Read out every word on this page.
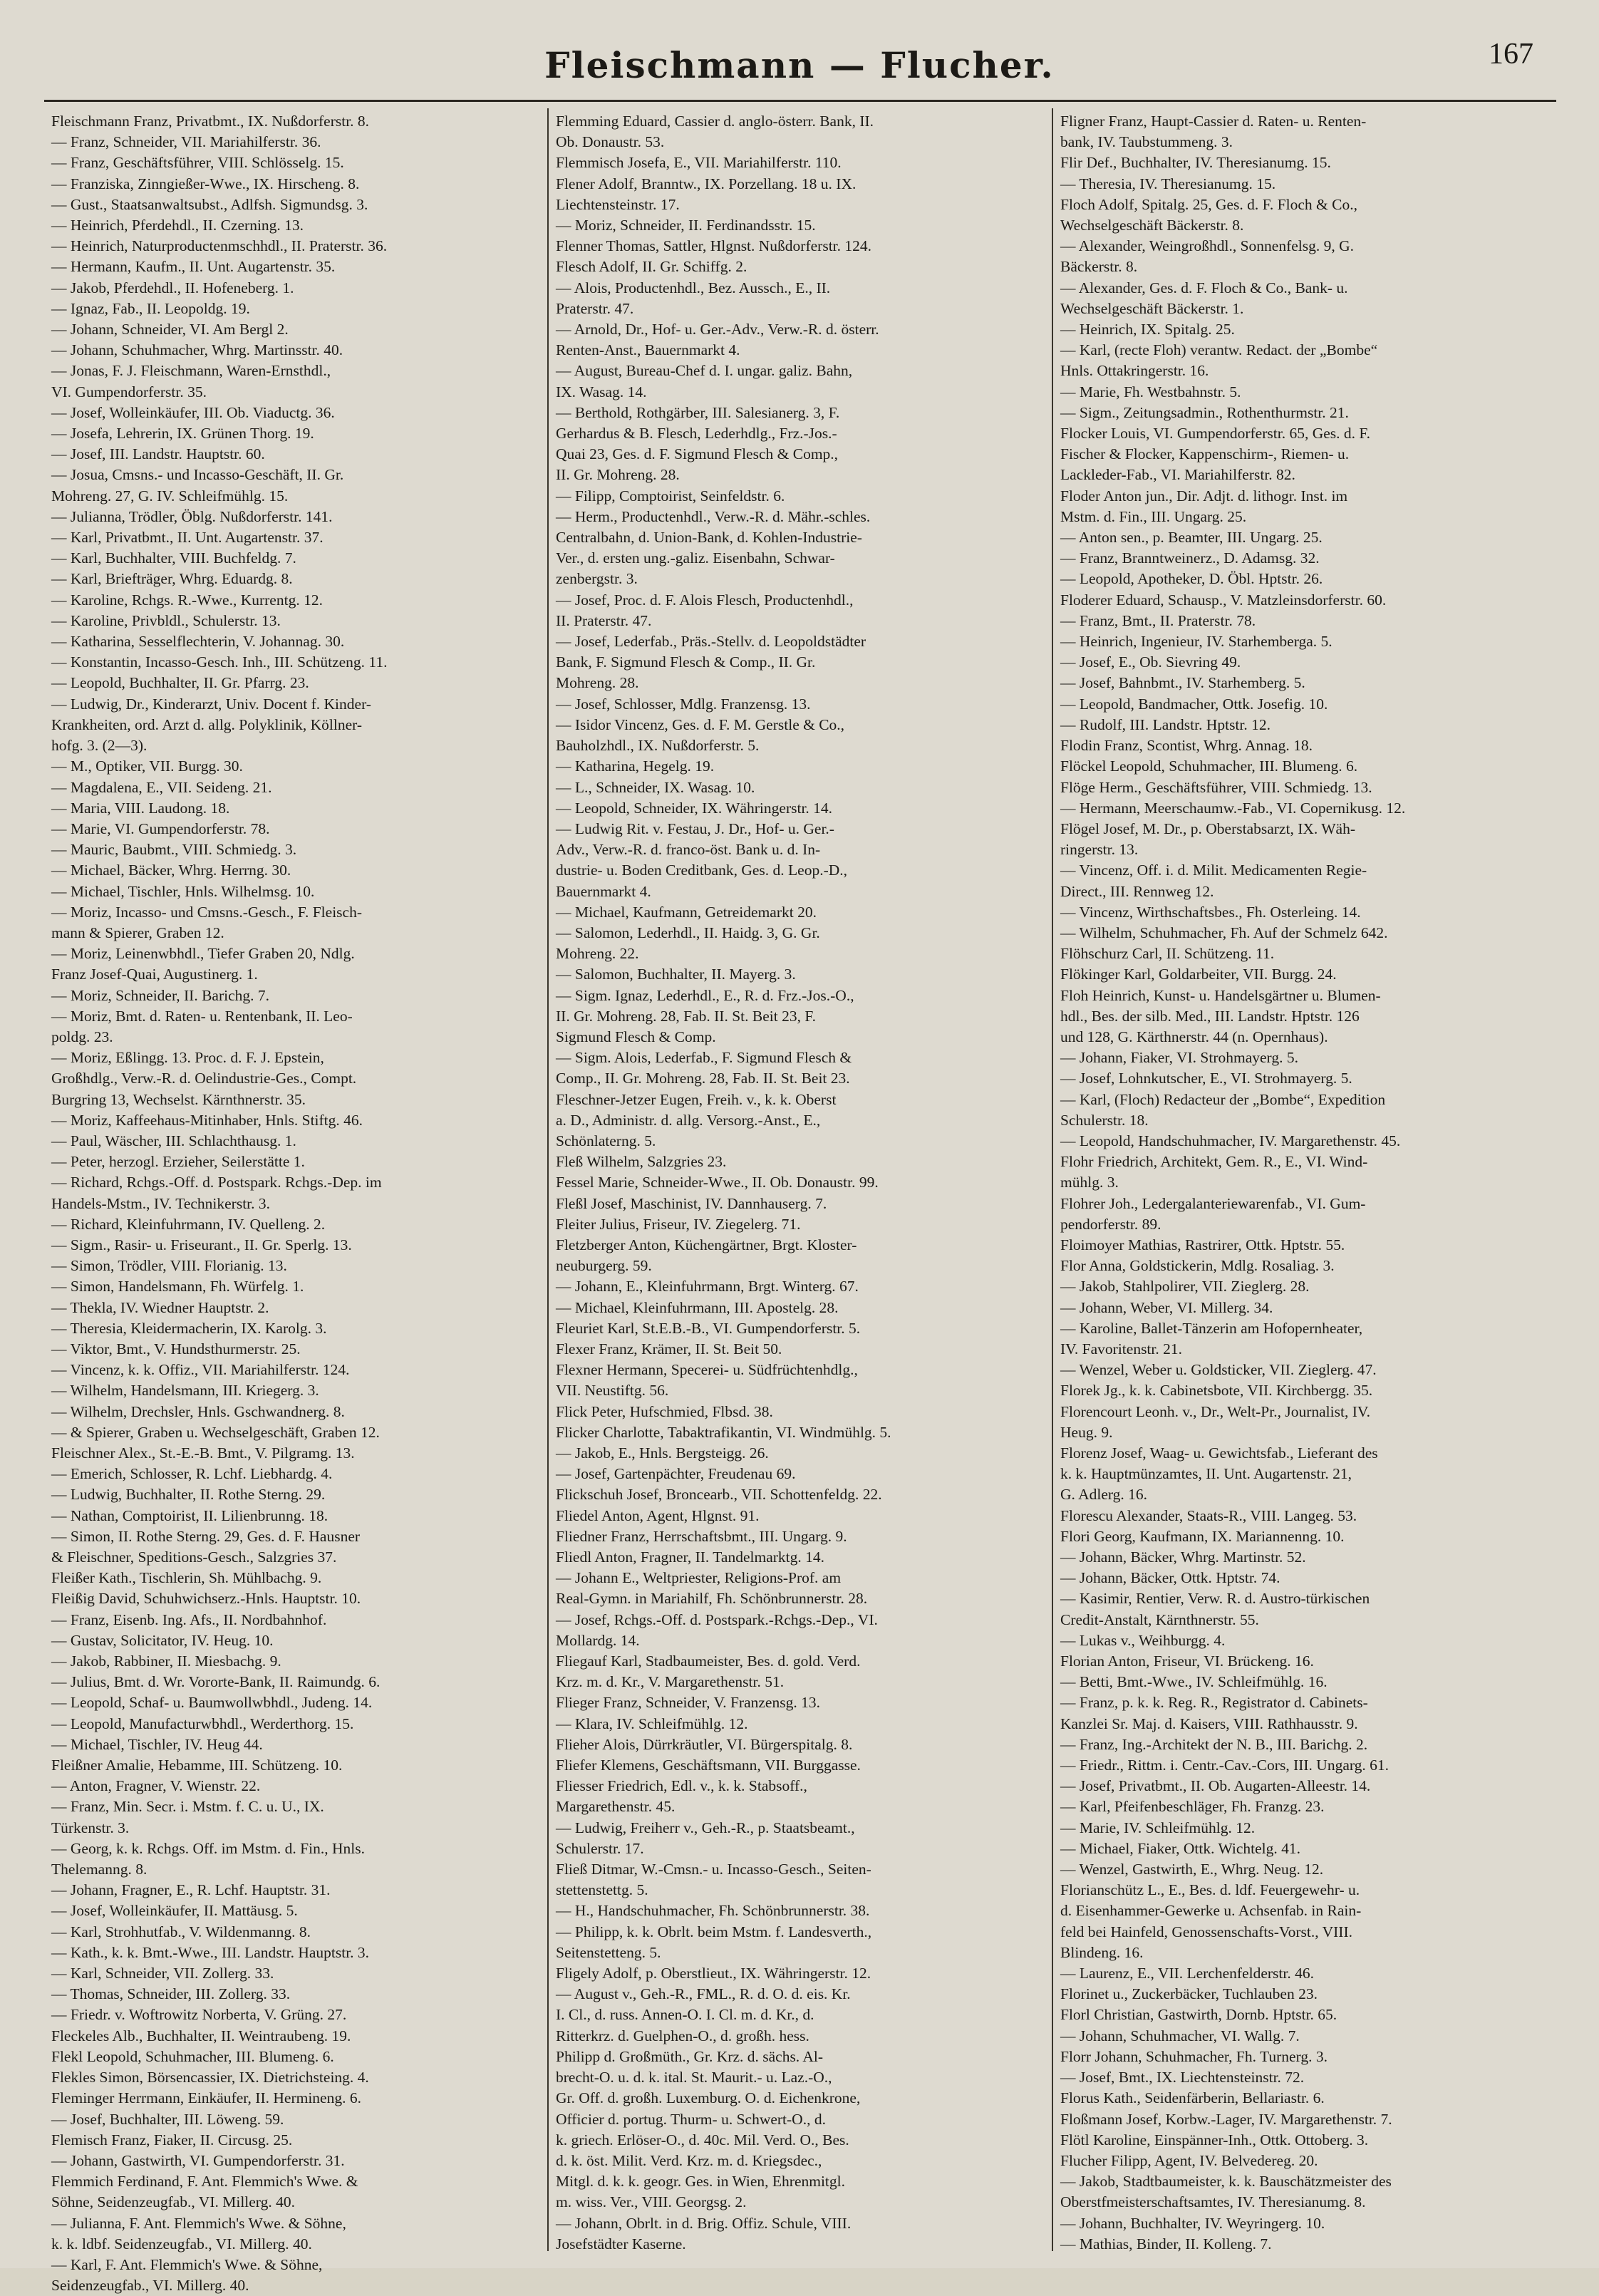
Fleischmann — Flucher.	167
Fleischmann Franz, Privatbmt., IX. Nußdorferstr. 8.
— Franz, Schneider, VII. Mariahilferstr. 36.
— Franz, Geschäftsführer, VIII. Schlösselg. 15.
— Franziska, Zinngießer-Wwe., IX. Hirscheng. 8.
— Gust., Staatsanwaltsubst., Adlfsh. Sigmundsg. 3.
— Heinrich, Pferdehdl., II. Czerning. 13.
— Heinrich, Naturproductenmschhdl., II. Praterstr. 36.
— Hermann, Kaufm., II. Unt. Augartenstr. 35.
— Jakob, Pferdehdl., II. Hofeneberg. 1.
— Ignaz, Fab., II. Leopoldg. 19.
— Johann, Schneider, VI. Am Bergl 2.
— Johann, Schuhmacher, Whrg. Martinsstr. 40.
— Jonas, F. J. Fleischmann, Waren-Ernsthdl.,
VI. Gumpendorferstr. 35.
— Josef, Wolleinkäufer, III. Ob. Viaductg. 36.
— Josefa, Lehrerin, IX. Grünen Thorg. 19.
— Josef, III. Landstr. Hauptstr. 60.
— Josua, Cmsns.- und Incasso-Geschäft, II. Gr.
Mohreng. 27, G. IV. Schleifmühlg. 15.
— Julianna, Trödler, Öblg. Nußdorferstr. 141.
— Karl, Privatbmt., II. Unt. Augartenstr. 37.
— Karl, Buchhalter, VIII. Buchfeldg. 7.
— Karl, Briefträger, Whrg. Eduardg. 8.
— Karoline, Rchgs. R.-Wwe., Kurrentg. 12.
— Karoline, Privbldl., Schulerstr. 13.
— Katharina, Sesselflechterin, V. Johannag. 30.
— Konstantin, Incasso-Gesch. Inh., III. Schützeng. 11.
— Leopold, Buchhalter, II. Gr. Pfarrg. 23.
— Ludwig, Dr., Kinderarzt, Univ. Docent f. Kinder-
Krankheiten, ord. Arzt d. allg. Polyklinik, Köllner-
hofg. 3. (2—3).
— M., Optiker, VII. Burgg. 30.
— Magdalena, E., VII. Seideng. 21.
— Maria, VIII. Laudong. 18.
— Marie, VI. Gumpendorferstr. 78.
— Mauric, Baubmt., VIII. Schmiedg. 3.
— Michael, Bäcker, Whrg. Herrng. 30.
— Michael, Tischler, Hnls. Wilhelmsg. 10.
— Moriz, Incasso- und Cmsns.-Gesch., F. Fleisch-
mann & Spierer, Graben 12.
— Moriz, Leinenwbhdl., Tiefer Graben 20, Ndlg.
Franz Josef-Quai, Augustinerg. 1.
— Moriz, Schneider, II. Barichg. 7.
— Moriz, Bmt. d. Raten- u. Rentenbank, II. Leo-
poldg. 23.
— Moriz, Eßlingg. 13. Proc. d. F. J. Epstein,
Großhdlg., Verw.-R. d. Oelindustrie-Ges., Compt.
Burgring 13, Wechselst. Kärnthnerstr. 35.
— Moriz, Kaffeehaus-Mitinhaber, Hnls. Stiftg. 46.
— Paul, Wäscher, III. Schlachthausg. 1.
— Peter, herzogl. Erzieher, Seilerstätte 1.
— Richard, Rchgs.-Off. d. Postspark. Rchgs.-Dep. im
Handels-Mstm., IV. Technikerstr. 3.
— Richard, Kleinfuhrmann, IV. Quelleng. 2.
— Sigm., Rasir- u. Friseurant., II. Gr. Sperlg. 13.
— Simon, Trödler, VIII. Florianig. 13.
— Simon, Handelsmann, Fh. Würfelg. 1.
— Thekla, IV. Wiedner Hauptstr. 2.
— Theresia, Kleidermacherin, IX. Karolg. 3.
— Viktor, Bmt., V. Hundsthurmerstr. 25.
— Vincenz, k. k. Offiz., VII. Mariahilferstr. 124.
— Wilhelm, Handelsmann, III. Kriegerg. 3.
— Wilhelm, Drechsler, Hnls. Gschwandnerg. 8.
— & Spierer, Graben u. Wechselgeschäft, Graben 12.
Fleischner Alex., St.-E.-B. Bmt., V. Pilgramg. 13.
— Emerich, Schlosser, R. Lchf. Liebhardg. 4.
— Ludwig, Buchhalter, II. Rothe Sterng. 29.
— Nathan, Comptoirist, II. Lilienbrunng. 18.
— Simon, II. Rothe Sterng. 29, Ges. d. F. Hausner
& Fleischner, Speditions-Gesch., Salzgries 37.
Fleißer Kath., Tischlerin, Sh. Mühlbachg. 9.
Fleißig David, Schuhwichserz.-Hnls. Hauptstr. 10.
— Franz, Eisenb. Ing. Afs., II. Nordbahnhof.
— Gustav, Solicitator, IV. Heug. 10.
— Jakob, Rabbiner, II. Miesbachg. 9.
— Julius, Bmt. d. Wr. Vororte-Bank, II. Raimundg. 6.
— Leopold, Schaf- u. Baumwollwbhdl., Judeng. 14.
— Leopold, Manufacturwbhdl., Werderthorg. 15.
— Michael, Tischler, IV. Heug 44.
Fleißner Amalie, Hebamme, III. Schützeng. 10.
— Anton, Fragner, V. Wienstr. 22.
— Franz, Min. Secr. i. Mstm. f. C. u. U., IX.
Türkenstr. 3.
— Georg, k. k. Rchgs. Off. im Mstm. d. Fin., Hnls.
Thelemanng. 8.
— Johann, Fragner, E., R. Lchf. Hauptstr. 31.
— Josef, Wolleinkäufer, II. Mattäusg. 5.
— Karl, Strohhutfab., V. Wildenmanng. 8.
— Kath., k. k. Bmt.-Wwe., III. Landstr. Hauptstr. 3.
— Karl, Schneider, VII. Zollerg. 33.
— Thomas, Schneider, III. Zollerg. 33.
— Friedr. v. Woftrowitz Norberta, V. Grüng. 27.
Fleckeles Alb., Buchhalter, II. Weintraubeng. 19.
Flekl Leopold, Schuhmacher, III. Blumeng. 6.
Flekles Simon, Börsencassier, IX. Dietrichsteing. 4.
Fleminger Herrmann, Einkäufer, II. Hermineng. 6.
— Josef, Buchhalter, III. Löweng. 59.
Flemisch Franz, Fiaker, II. Circusg. 25.
— Johann, Gastwirth, VI. Gumpendorferstr. 31.
Flemmich Ferdinand, F. Ant. Flemmich's Wwe. &
Söhne, Seidenzeugfab., VI. Millerg. 40.
— Julianna, F. Ant. Flemmich's Wwe. & Söhne,
k. k. ldbf. Seidenzeugfab., VI. Millerg. 40.
— Karl, F. Ant. Flemmich's Wwe. & Söhne,
Seidenzeugfab., VI. Millerg. 40.
Flemming Eduard, Cassier d. anglo-österr. Bank, II.
Ob. Donaustr. 53.
Flemmisch Josefa, E., VII. Mariahilferstr. 110.
Flener Adolf, Branntw., IX. Porzellang. 18 u. IX.
Liechtensteinstr. 17.
— Moriz, Schneider, II. Ferdinandsstr. 15.
Flenner Thomas, Sattler, Hlgnst. Nußdorferstr. 124.
Flesch Adolf, II. Gr. Schiffg. 2.
— Alois, Productenhdl., Bez. Aussch., E., II.
Praterstr. 47.
— Arnold, Dr., Hof- u. Ger.-Adv., Verw.-R. d. österr.
Renten-Anst., Bauernmarkt 4.
— August, Bureau-Chef d. I. ungar. galiz. Bahn,
IX. Wasag. 14.
— Berthold, Rothgärber, III. Salesianerg. 3, F.
Gerhardus & B. Flesch, Lederhdlg., Frz.-Jos.-
Quai 23, Ges. d. F. Sigmund Flesch & Comp.,
II. Gr. Mohreng. 28.
— Filipp, Comptoirist, Seinfeldstr. 6.
— Herm., Productenhdl., Verw.-R. d. Mähr.-schles.
Centralbahn, d. Union-Bank, d. Kohlen-Industrie-
Ver., d. ersten ung.-galiz. Eisenbahn, Schwar-
zenbergstr. 3.
— Josef, Proc. d. F. Alois Flesch, Productenhdl.,
II. Praterstr. 47.
— Josef, Lederfab., Präs.-Stellv. d. Leopoldstädter
Bank, F. Sigmund Flesch & Comp., II. Gr.
Mohreng. 28.
— Josef, Schlosser, Mdlg. Franzensg. 13.
— Isidor Vincenz, Ges. d. F. M. Gerstle & Co.,
Bauholzhdl., IX. Nußdorferstr. 5.
— Katharina, Hegelg. 19.
— L., Schneider, IX. Wasag. 10.
— Leopold, Schneider, IX. Währingerstr. 14.
— Ludwig Rit. v. Festau, J. Dr., Hof- u. Ger.-
Adv., Verw.-R. d. franco-öst. Bank u. d. In-
dustrie- u. Boden Creditbank, Ges. d. Leop.-D.,
Bauernmarkt 4.
— Michael, Kaufmann, Getreidemarkt 20.
— Salomon, Lederhdl., II. Haidg. 3, G. Gr.
Mohreng. 22.
— Salomon, Buchhalter, II. Mayerg. 3.
— Sigm. Ignaz, Lederhdl., E., R. d. Frz.-Jos.-O.,
II. Gr. Mohreng. 28, Fab. II. St. Beit 23, F.
Sigmund Flesch & Comp.
— Sigm. Alois, Lederfab., F. Sigmund Flesch &
Comp., II. Gr. Mohreng. 28, Fab. II. St. Beit 23.
Fleschner-Jetzer Eugen, Freih. v., k. k. Oberst
a. D., Administr. d. allg. Versorg.-Anst., E.,
Schönlaterng. 5.
Fleß Wilhelm, Salzgries 23.
Fessel Marie, Schneider-Wwe., II. Ob. Donaustr. 99.
Fleßl Josef, Maschinist, IV. Dannhauserg. 7.
Fleiter Julius, Friseur, IV. Ziegelerg. 71.
Fletzberger Anton, Küchengärtner, Brgt. Kloster-
neuburgerg. 59.
— Johann, E., Kleinfuhrmann, Brgt. Winterg. 67.
— Michael, Kleinfuhrmann, III. Apostelg. 28.
Fleuriet Karl, St.E.B.-B., VI. Gumpendorferstr. 5.
Flexer Franz, Krämer, II. St. Beit 50.
Flexner Hermann, Specerei- u. Südfrüchtenhdlg.,
VII. Neustiftg. 56.
Flick Peter, Hufschmied, Flbsd. 38.
Flicker Charlotte, Tabaktrafikantin, VI. Windmühlg. 5.
— Jakob, E., Hnls. Bergsteigg. 26.
— Josef, Gartenpächter, Freudenau 69.
Flickschuh Josef, Broncearb., VII. Schottenfeldg. 22.
Fliedel Anton, Agent, Hlgnst. 91.
Fliedner Franz, Herrschaftsbmt., III. Ungarg. 9.
Fliedl Anton, Fragner, II. Tandelmarktg. 14.
— Johann E., Weltpriester, Religions-Prof. am
Real-Gymn. in Mariahilf, Fh. Schönbrunnerstr. 28.
— Josef, Rchgs.-Off. d. Postspark.-Rchgs.-Dep., VI.
Mollardg. 14.
Fliegauf Karl, Stadbaumeister, Bes. d. gold. Verd.
Krz. m. d. Kr., V. Margarethenstr. 51.
Flieger Franz, Schneider, V. Franzensg. 13.
— Klara, IV. Schleifmühlg. 12.
Flieher Alois, Dürrkräutler, VI. Bürgerspitalg. 8.
Fliefer Klemens, Geschäftsmann, VII. Burggasse.
Fliesser Friedrich, Edl. v., k. k. Stabsoff.,
Margarethenstr. 45.
— Ludwig, Freiherr v., Geh.-R., p. Staatsbeamt.,
Schulerstr. 17.
Fließ Ditmar, W.-Cmsn.- u. Incasso-Gesch., Seiten-
stettenstettg. 5.
— H., Handschuhmacher, Fh. Schönbrunnerstr. 38.
— Philipp, k. k. Obrlt. beim Mstm. f. Landesverth.,
Seitenstetteng. 5.
Fligely Adolf, p. Oberstlieut., IX. Währingerstr. 12.
— August v., Geh.-R., FML., R. d. O. d. eis. Kr.
I. Cl., d. russ. Annen-O. I. Cl. m. d. Kr., d.
Ritterkrz. d. Guelphen-O., d. großh. hess.
Philipp d. Großmüth., Gr. Krz. d. sächs. Al-
brecht-O. u. d. k. ital. St. Maurit.- u. Laz.-O.,
Gr. Off. d. großh. Luxemburg. O. d. Eichenkrone,
Officier d. portug. Thurm- u. Schwert-O., d.
k. griech. Erlöser-O., d. 40c. Mil. Verd. O., Bes.
d. k. öst. Milit. Verd. Krz. m. d. Kriegsdec.,
Mitgl. d. k. k. geogr. Ges. in Wien, Ehrenmitgl.
m. wiss. Ver., VIII. Georgsg. 2.
— Johann, Obrlt. in d. Brig. Offiz. Schule, VIII.
Josefstädter Kaserne.
Fligner Franz, Haupt-Cassier d. Raten- u. Renten-
bank, IV. Taubstummeng. 3.
Flir Def., Buchhalter, IV. Theresianumg. 15.
— Theresia, IV. Theresianumg. 15.
Floch Adolf, Spitalg. 25, Ges. d. F. Floch & Co.,
Wechselgeschäft Bäckerstr. 8.
— Alexander, Weingroßhdl., Sonnenfelsg. 9, G.
Bäckerstr. 8.
— Alexander, Ges. d. F. Floch & Co., Bank- u.
Wechselgeschäft Bäckerstr. 1.
— Heinrich, IX. Spitalg. 25.
— Karl, (recte Floh) verantw. Redact. der „Bombe“
Hnls. Ottakringerstr. 16.
— Marie, Fh. Westbahnstr. 5.
— Sigm., Zeitungsadmin., Rothenthurmstr. 21.
Flocker Louis, VI. Gumpendorferstr. 65, Ges. d. F.
Fischer & Flocker, Kappenschirm-, Riemen- u.
Lackleder-Fab., VI. Mariahilferstr. 82.
Floder Anton jun., Dir. Adjt. d. lithogr. Inst. im
Mstm. d. Fin., III. Ungarg. 25.
— Anton sen., p. Beamter, III. Ungarg. 25.
— Franz, Branntweinerz., D. Adamsg. 32.
— Leopold, Apotheker, D. Öbl. Hptstr. 26.
Floderer Eduard, Schausp., V. Matzleinsdorferstr. 60.
— Franz, Bmt., II. Praterstr. 78.
— Heinrich, Ingenieur, IV. Starhemberga. 5.
— Josef, E., Ob. Sievring 49.
— Josef, Bahnbmt., IV. Starhemberg. 5.
— Leopold, Bandmacher, Ottk. Josefig. 10.
— Rudolf, III. Landstr. Hptstr. 12.
Flodin Franz, Scontist, Whrg. Annag. 18.
Flöckel Leopold, Schuhmacher, III. Blumeng. 6.
Flöge Herm., Geschäftsführer, VIII. Schmiedg. 13.
— Hermann, Meerschaumw.-Fab., VI. Copernikusg. 12.
Flögel Josef, M. Dr., p. Oberstabsarzt, IX. Wäh-
ringerstr. 13.
— Vincenz, Off. i. d. Milit. Medicamenten Regie-
Direct., III. Rennweg 12.
— Vincenz, Wirthschaftsbes., Fh. Osterleing. 14.
— Wilhelm, Schuhmacher, Fh. Auf der Schmelz 642.
Flöhschurz Carl, II. Schützeng. 11.
Flökinger Karl, Goldarbeiter, VII. Burgg. 24.
Floh Heinrich, Kunst- u. Handelsgärtner u. Blumen-
hdl., Bes. der silb. Med., III. Landstr. Hptstr. 126
und 128, G. Kärthnerstr. 44 (n. Opernhaus).
— Johann, Fiaker, VI. Strohmayerg. 5.
— Josef, Lohnkutscher, E., VI. Strohmayerg. 5.
— Karl, (Floch) Redacteur der „Bombe“, Expedition
Schulerstr. 18.
— Leopold, Handschuhmacher, IV. Margarethenstr. 45.
Flohr Friedrich, Architekt, Gem. R., E., VI. Wind-
mühlg. 3.
Flohrer Joh., Ledergalanteriewarenfab., VI. Gum-
pendorferstr. 89.
Floimoyer Mathias, Rastrirer, Ottk. Hptstr. 55.
Flor Anna, Goldstickerin, Mdlg. Rosaliag. 3.
— Jakob, Stahlpolirer, VII. Zieglerg. 28.
— Johann, Weber, VI. Millerg. 34.
— Karoline, Ballet-Tänzerin am Hofopernheater,
IV. Favoritenstr. 21.
— Wenzel, Weber u. Goldsticker, VII. Zieglerg. 47.
Florek Jg., k. k. Cabinetsbote, VII. Kirchbergg. 35.
Florencourt Leonh. v., Dr., Welt-Pr., Journalist, IV.
Heug. 9.
Florenz Josef, Waag- u. Gewichtsfab., Lieferant des
k. k. Hauptmünzamtes, II. Unt. Augartenstr. 21,
G. Adlerg. 16.
Florescu Alexander, Staats-R., VIII. Langeg. 53.
Flori Georg, Kaufmann, IX. Mariannenng. 10.
— Johann, Bäcker, Whrg. Martinstr. 52.
— Johann, Bäcker, Ottk. Hptstr. 74.
— Kasimir, Rentier, Verw. R. d. Austro-türkischen
Credit-Anstalt, Kärnthnerstr. 55.
— Lukas v., Weihburgg. 4.
Florian Anton, Friseur, VI. Brückeng. 16.
— Betti, Bmt.-Wwe., IV. Schleifmühlg. 16.
— Franz, p. k. k. Reg. R., Registrator d. Cabinets-
Kanzlei Sr. Maj. d. Kaisers, VIII. Rathhausstr. 9.
— Franz, Ing.-Architekt der N. B., III. Barichg. 2.
— Friedr., Rittm. i. Centr.-Cav.-Cors, III. Ungarg. 61.
— Josef, Privatbmt., II. Ob. Augarten-Alleestr. 14.
— Karl, Pfeifenbeschläger, Fh. Franzg. 23.
— Marie, IV. Schleifmühlg. 12.
— Michael, Fiaker, Ottk. Wichtelg. 41.
— Wenzel, Gastwirth, E., Whrg. Neug. 12.
Florianschütz L., E., Bes. d. ldf. Feuergewehr- u.
d. Eisenhammer-Gewerke u. Achsenfab. in Rain-
feld bei Hainfeld, Genossenschafts-Vorst., VIII.
Blindeng. 16.
— Laurenz, E., VII. Lerchenfelderstr. 46.
Florinet u., Zuckerbäcker, Tuchlauben 23.
Florl Christian, Gastwirth, Dornb. Hptstr. 65.
— Johann, Schuhmacher, VI. Wallg. 7.
Florr Johann, Schuhmacher, Fh. Turnerg. 3.
— Josef, Bmt., IX. Liechtensteinstr. 72.
Florus Kath., Seidenfärberin, Bellariastr. 6.
Floßmann Josef, Korbw.-Lager, IV. Margarethenstr. 7.
Flötl Karoline, Einspänner-Inh., Ottk. Ottoberg. 3.
Flucher Filipp, Agent, IV. Belvedereg. 20.
— Jakob, Stadtbaumeister, k. k. Bauschätzmeister des
Oberstfmeisterschaftsamtes, IV. Theresianumg. 8.
— Johann, Buchhalter, IV. Weyringerg. 10.
— Mathias, Binder, II. Kolleng. 7.
